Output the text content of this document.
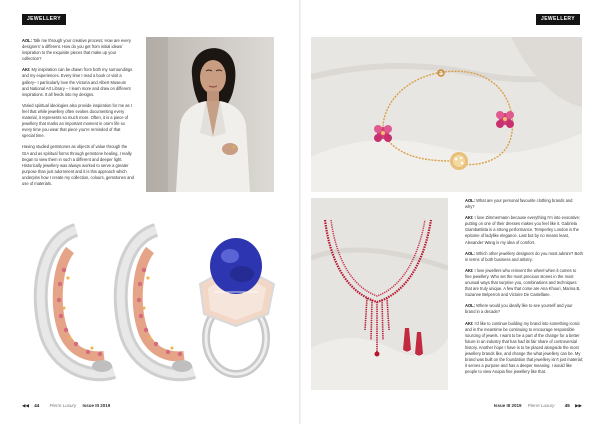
JEWELLERY

AOL: Talk me through your creative process; How are every designers' a different. How do you get from initial ideas/ inspiration to the exquisite pieces that make up your collection?

AKI: My inspiration can be drawn from both my surroundings and my experiences. Every time I read a book or visit a gallery– I particularly love the Victoria and Albert Museum and National Art Library – I learn more and draw on different inspirations. It all feeds into my designs.

Varied spiritual ideologies also provide inspiration for me as I feel that while jewellery often evokes documenting every material, it represents so much more. Often, it is a piece of jewellery that marks an important moment in one's life so every time you wear that piece you're reminded of that special time.

Having studied gemstones as objects of value through the GIA and as spiritual forms through gemstone healing, I really began to view them in such a different and deeper light. Historically jewellery was always worked to serve a greater purpose than just adornment and it is this approach which underpins how I create my collection, colours, gemstones and use of materials.

◀◀ 44 Pierre Luxury Issue III 2019
JEWELLERY

AOL: What are your personal favourite clothing brands and why?

AKI: I love Zimmermann because everything I'm into evocative; putting on one of their dresses makes you feel like it. Gabriela Giambattista is a strong performance. Temperley London is the epitome of ladylike elegance. Last but by no means least, Alexander Wang is my idea of comfort.

AOL: Which other jewellery designers do you most admire? Both in terms of both business and artistry.

AKI: I love jewellers who reinvent the wheel when it comes to fine jewellery. Who set the most precious stones in the most unusual ways that surprise you, combinations and techniques that are truly unique. A few that come are Ana Khouri, Marina B, Suzanne Belperron and Victoire De Castellane.

AOL: Where would you ideally like to see yourself and your brand in a decade?

AKI: I'd like to continue building my brand into something iconic and in the meantime be continuing to encourage responsible sourcing of jewels. I want to be a part of the change for a better future in an industry that has had its fair share of controversial history. Another hope I have is to be placed alongside the most jewellery brands like, and change the what jewellery can be. My brand was built on the foundation that jewellery isn't just material; it serves a purpose and has a deeper meaning. I would like people to view Anopia fine jewellery like that.

Issue III 2019 Pierre Luxury 45 ▶▶
